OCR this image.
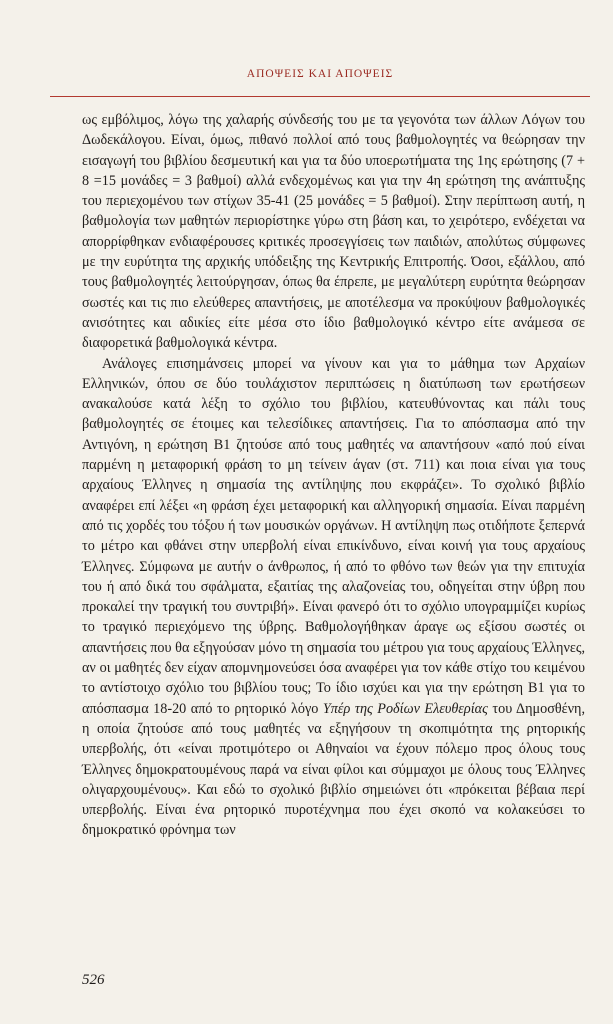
ΑΠΟΨΕΙΣ ΚΑΙ ΑΠΟΨΕΙΣ

ως εμβόλιμος, λόγω της χαλαρής σύνδεσής του με τα γεγονότα των άλλων Λόγων του Δωδεκάλογου. Είναι, όμως, πιθανό πολλοί από τους βαθμολογητές να θεώρησαν την εισαγωγή του βιβλίου δεσμευτική και για τα δύο υποερωτήματα της 1ης ερώτησης (7 + 8 =15 μονάδες = 3 βαθμοί) αλλά ενδεχομένως και για την 4η ερώτηση της ανάπτυξης του περιεχομένου των στίχων 35-41 (25 μονάδες = 5 βαθμοί). Στην περίπτωση αυτή, η βαθμολογία των μαθητών περιορίστηκε γύρω στη βάση και, το χειρότερο, ενδέχεται να απορρίφθηκαν ενδιαφέρουσες κριτικές προσεγγίσεις των παιδιών, απολύτως σύμφωνες με την ευρύτητα της αρχικής υπόδειξης της Κεντρικής Επιτροπής. Όσοι, εξάλλου, από τους βαθμολογητές λειτούργησαν, όπως θα έπρεπε, με μεγαλύτερη ευρύτητα θεώρησαν σωστές και τις πιο ελεύθερες απαντήσεις, με αποτέλεσμα να προκύψουν βαθμολογικές ανισότητες και αδικίες είτε μέσα στο ίδιο βαθμολογικό κέντρο είτε ανάμεσα σε διαφορετικά βαθμολογικά κέντρα.

Ανάλογες επισημάνσεις μπορεί να γίνουν και για το μάθημα των Αρχαίων Ελληνικών, όπου σε δύο τουλάχιστον περιπτώσεις η διατύπωση των ερωτήσεων ανακαλούσε κατά λέξη το σχόλιο του βιβλίου, κατευθύνοντας και πάλι τους βαθμολογητές σε έτοιμες και τελεσίδικες απαντήσεις. Για το απόσπασμα από την Αντιγόνη, η ερώτηση Β1 ζητούσε από τους μαθητές να απαντήσουν «από πού είναι παρμένη η μεταφορική φράση το μη τείνειν άγαν (στ. 711) και ποια είναι για τους αρχαίους Έλληνες η σημασία της αντίληψης που εκφράζει». Το σχολικό βιβλίο αναφέρει επί λέξει «η φράση έχει μεταφορική και αλληγορική σημασία. Είναι παρμένη από τις χορδές του τόξου ή των μουσικών οργάνων. Η αντίληψη πως οτιδήποτε ξεπερνά το μέτρο και φθάνει στην υπερβολή είναι επικίνδυνο, είναι κοινή για τους αρχαίους Έλληνες. Σύμφωνα με αυτήν ο άνθρωπος, ή από το φθόνο των θεών για την επιτυχία του ή από δικά του σφάλματα, εξαιτίας της αλαζονείας του, οδηγείται στην ύβρη που προκαλεί την τραγική του συντριβή». Είναι φανερό ότι το σχόλιο υπογραμμίζει κυρίως το τραγικό περιεχόμενο της ύβρης. Βαθμολογήθηκαν άραγε ως εξίσου σωστές οι απαντήσεις που θα εξηγούσαν μόνο τη σημασία του μέτρου για τους αρχαίους Έλληνες, αν οι μαθητές δεν είχαν απομνημονεύσει όσα αναφέρει για τον κάθε στίχο του κειμένου το αντίστοιχο σχόλιο του βιβλίου τους; Το ίδιο ισχύει και για την ερώτηση Β1 για το απόσπασμα 18-20 από το ρητορικό λόγο Υπέρ της Ροδίων Ελευθερίας του Δημοσθένη, η οποία ζητούσε από τους μαθητές να εξηγήσουν τη σκοπιμότητα της ρητορικής υπερβολής, ότι «είναι προτιμότερο οι Αθηναίοι να έχουν πόλεμο προς όλους τους Έλληνες δημοκρατουμένους παρά να είναι φίλοι και σύμμαχοι με όλους τους Έλληνες ολιγαρχουμένους». Και εδώ το σχολικό βιβλίο σημειώνει ότι «πρόκειται βέβαια περί υπερβολής. Είναι ένα ρητορικό πυροτέχνημα που έχει σκοπό να κολακεύσει το δημοκρατικό φρόνημα των

526
